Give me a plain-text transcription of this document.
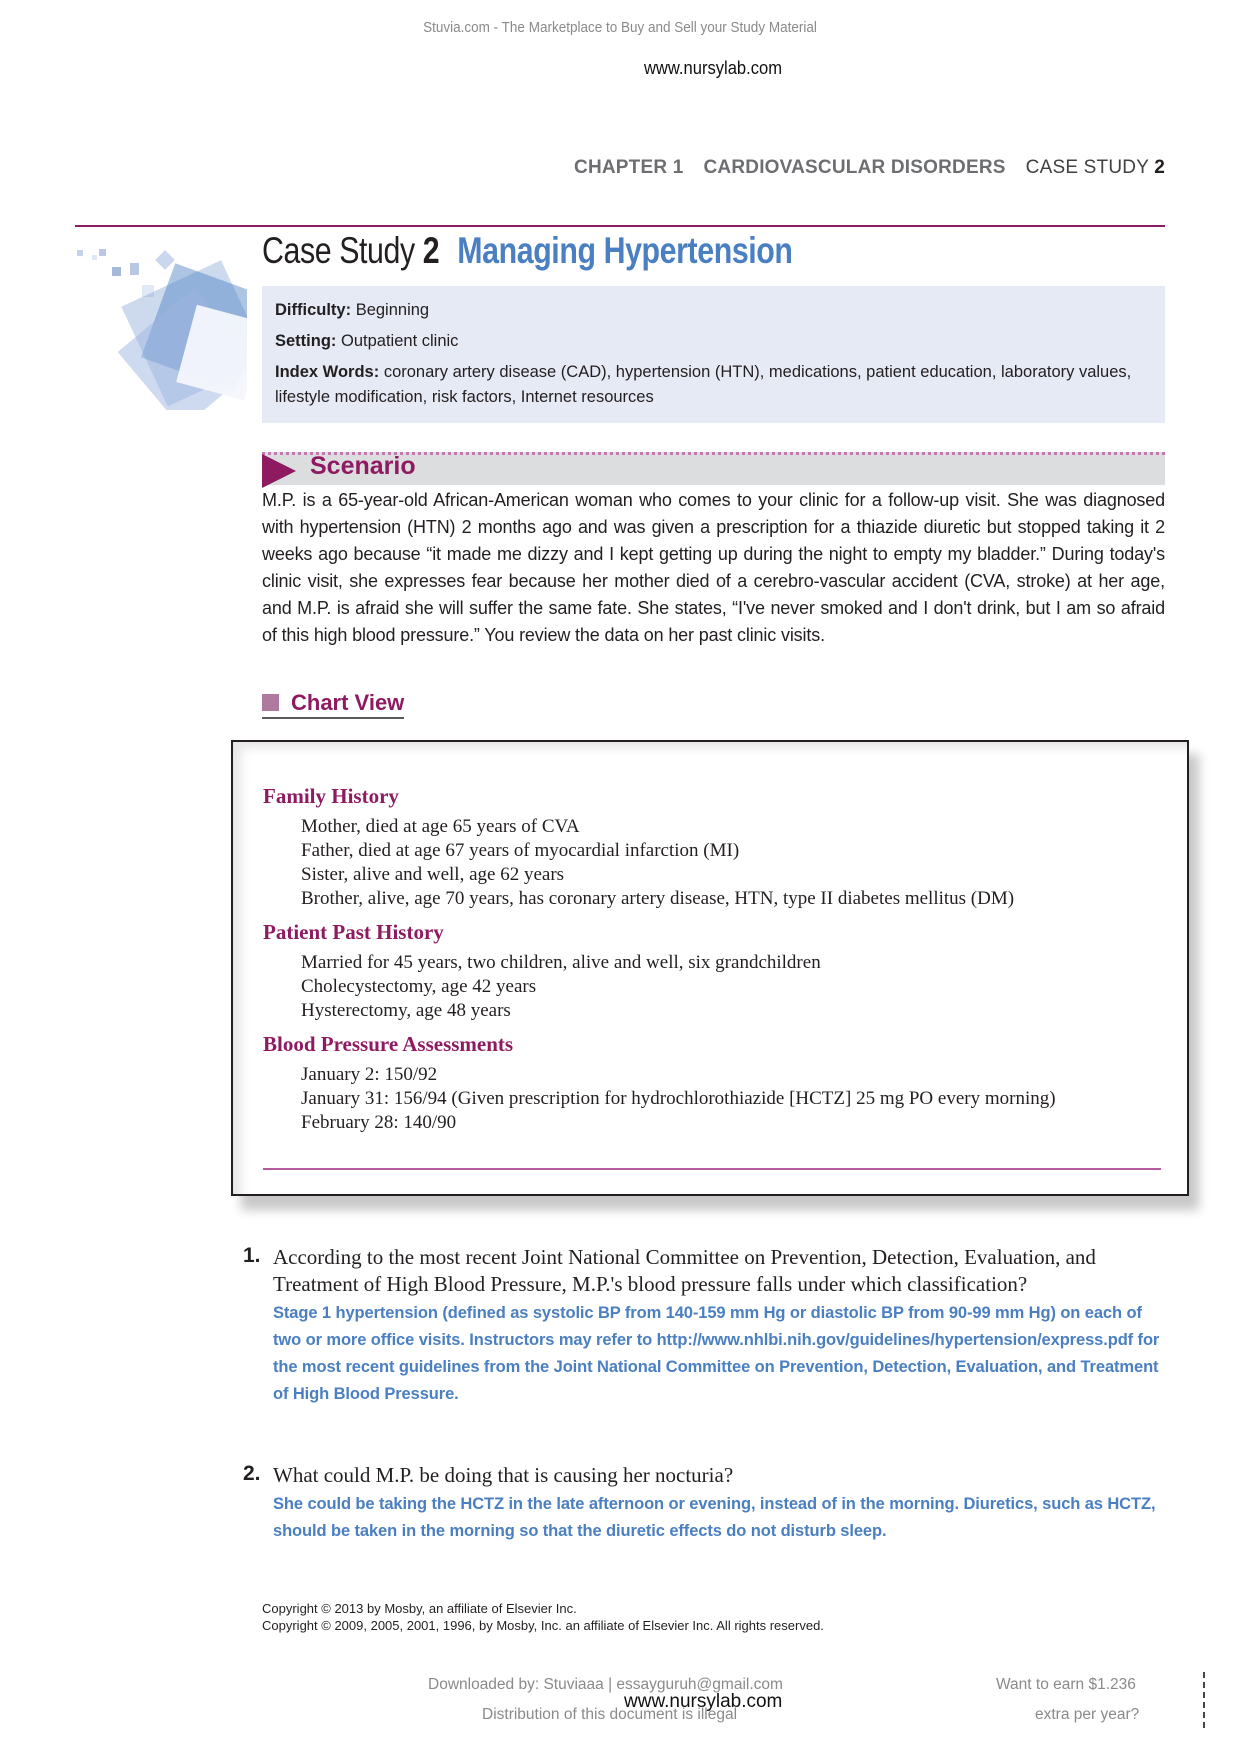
Stuvia.com - The Marketplace to Buy and Sell your Study Material
www.nursylab.com
CHAPTER 1 CARDIOVASCULAR DISORDERS CASE STUDY 2
Case Study 2 Managing Hypertension
Difficulty: Beginning
Setting: Outpatient clinic
Index Words: coronary artery disease (CAD), hypertension (HTN), medications, patient education, laboratory values, lifestyle modification, risk factors, Internet resources
Scenario
M.P. is a 65-year-old African-American woman who comes to your clinic for a follow-up visit. She was diagnosed with hypertension (HTN) 2 months ago and was given a prescription for a thiazide diuretic but stopped taking it 2 weeks ago because “it made me dizzy and I kept getting up during the night to empty my bladder.” During today's clinic visit, she expresses fear because her mother died of a cerebro-vascular accident (CVA, stroke) at her age, and M.P. is afraid she will suffer the same fate. She states, “I've never smoked and I don't drink, but I am so afraid of this high blood pressure.” You review the data on her past clinic visits.
Chart View
Family History
Mother, died at age 65 years of CVA
Father, died at age 67 years of myocardial infarction (MI)
Sister, alive and well, age 62 years
Brother, alive, age 70 years, has coronary artery disease, HTN, type II diabetes mellitus (DM)
Patient Past History
Married for 45 years, two children, alive and well, six grandchildren
Cholecystectomy, age 42 years
Hysterectomy, age 48 years
Blood Pressure Assessments
January 2: 150/92
January 31: 156/94 (Given prescription for hydrochlorothiazide [HCTZ] 25 mg PO every morning)
February 28: 140/90
1. According to the most recent Joint National Committee on Prevention, Detection, Evaluation, and Treatment of High Blood Pressure, M.P.'s blood pressure falls under which classification?
Stage 1 hypertension (defined as systolic BP from 140-159 mm Hg or diastolic BP from 90-99 mm Hg) on each of two or more office visits. Instructors may refer to http://www.nhlbi.nih.gov/guidelines/hypertension/express.pdf for the most recent guidelines from the Joint National Committee on Prevention, Detection, Evaluation, and Treatment of High Blood Pressure.
2. What could M.P. be doing that is causing her nocturia?
She could be taking the HCTZ in the late afternoon or evening, instead of in the morning. Diuretics, such as HCTZ, should be taken in the morning so that the diuretic effects do not disturb sleep.
Copyright © 2013 by Mosby, an affiliate of Elsevier Inc.
Copyright © 2009, 2005, 2001, 1996, by Mosby, Inc. an affiliate of Elsevier Inc. All rights reserved.
Downloaded by: Stuviaaa | essayguruh@gmail.com
Distribution of this document is illegal
www.nursylab.com
Want to earn $1.236
extra per year?
